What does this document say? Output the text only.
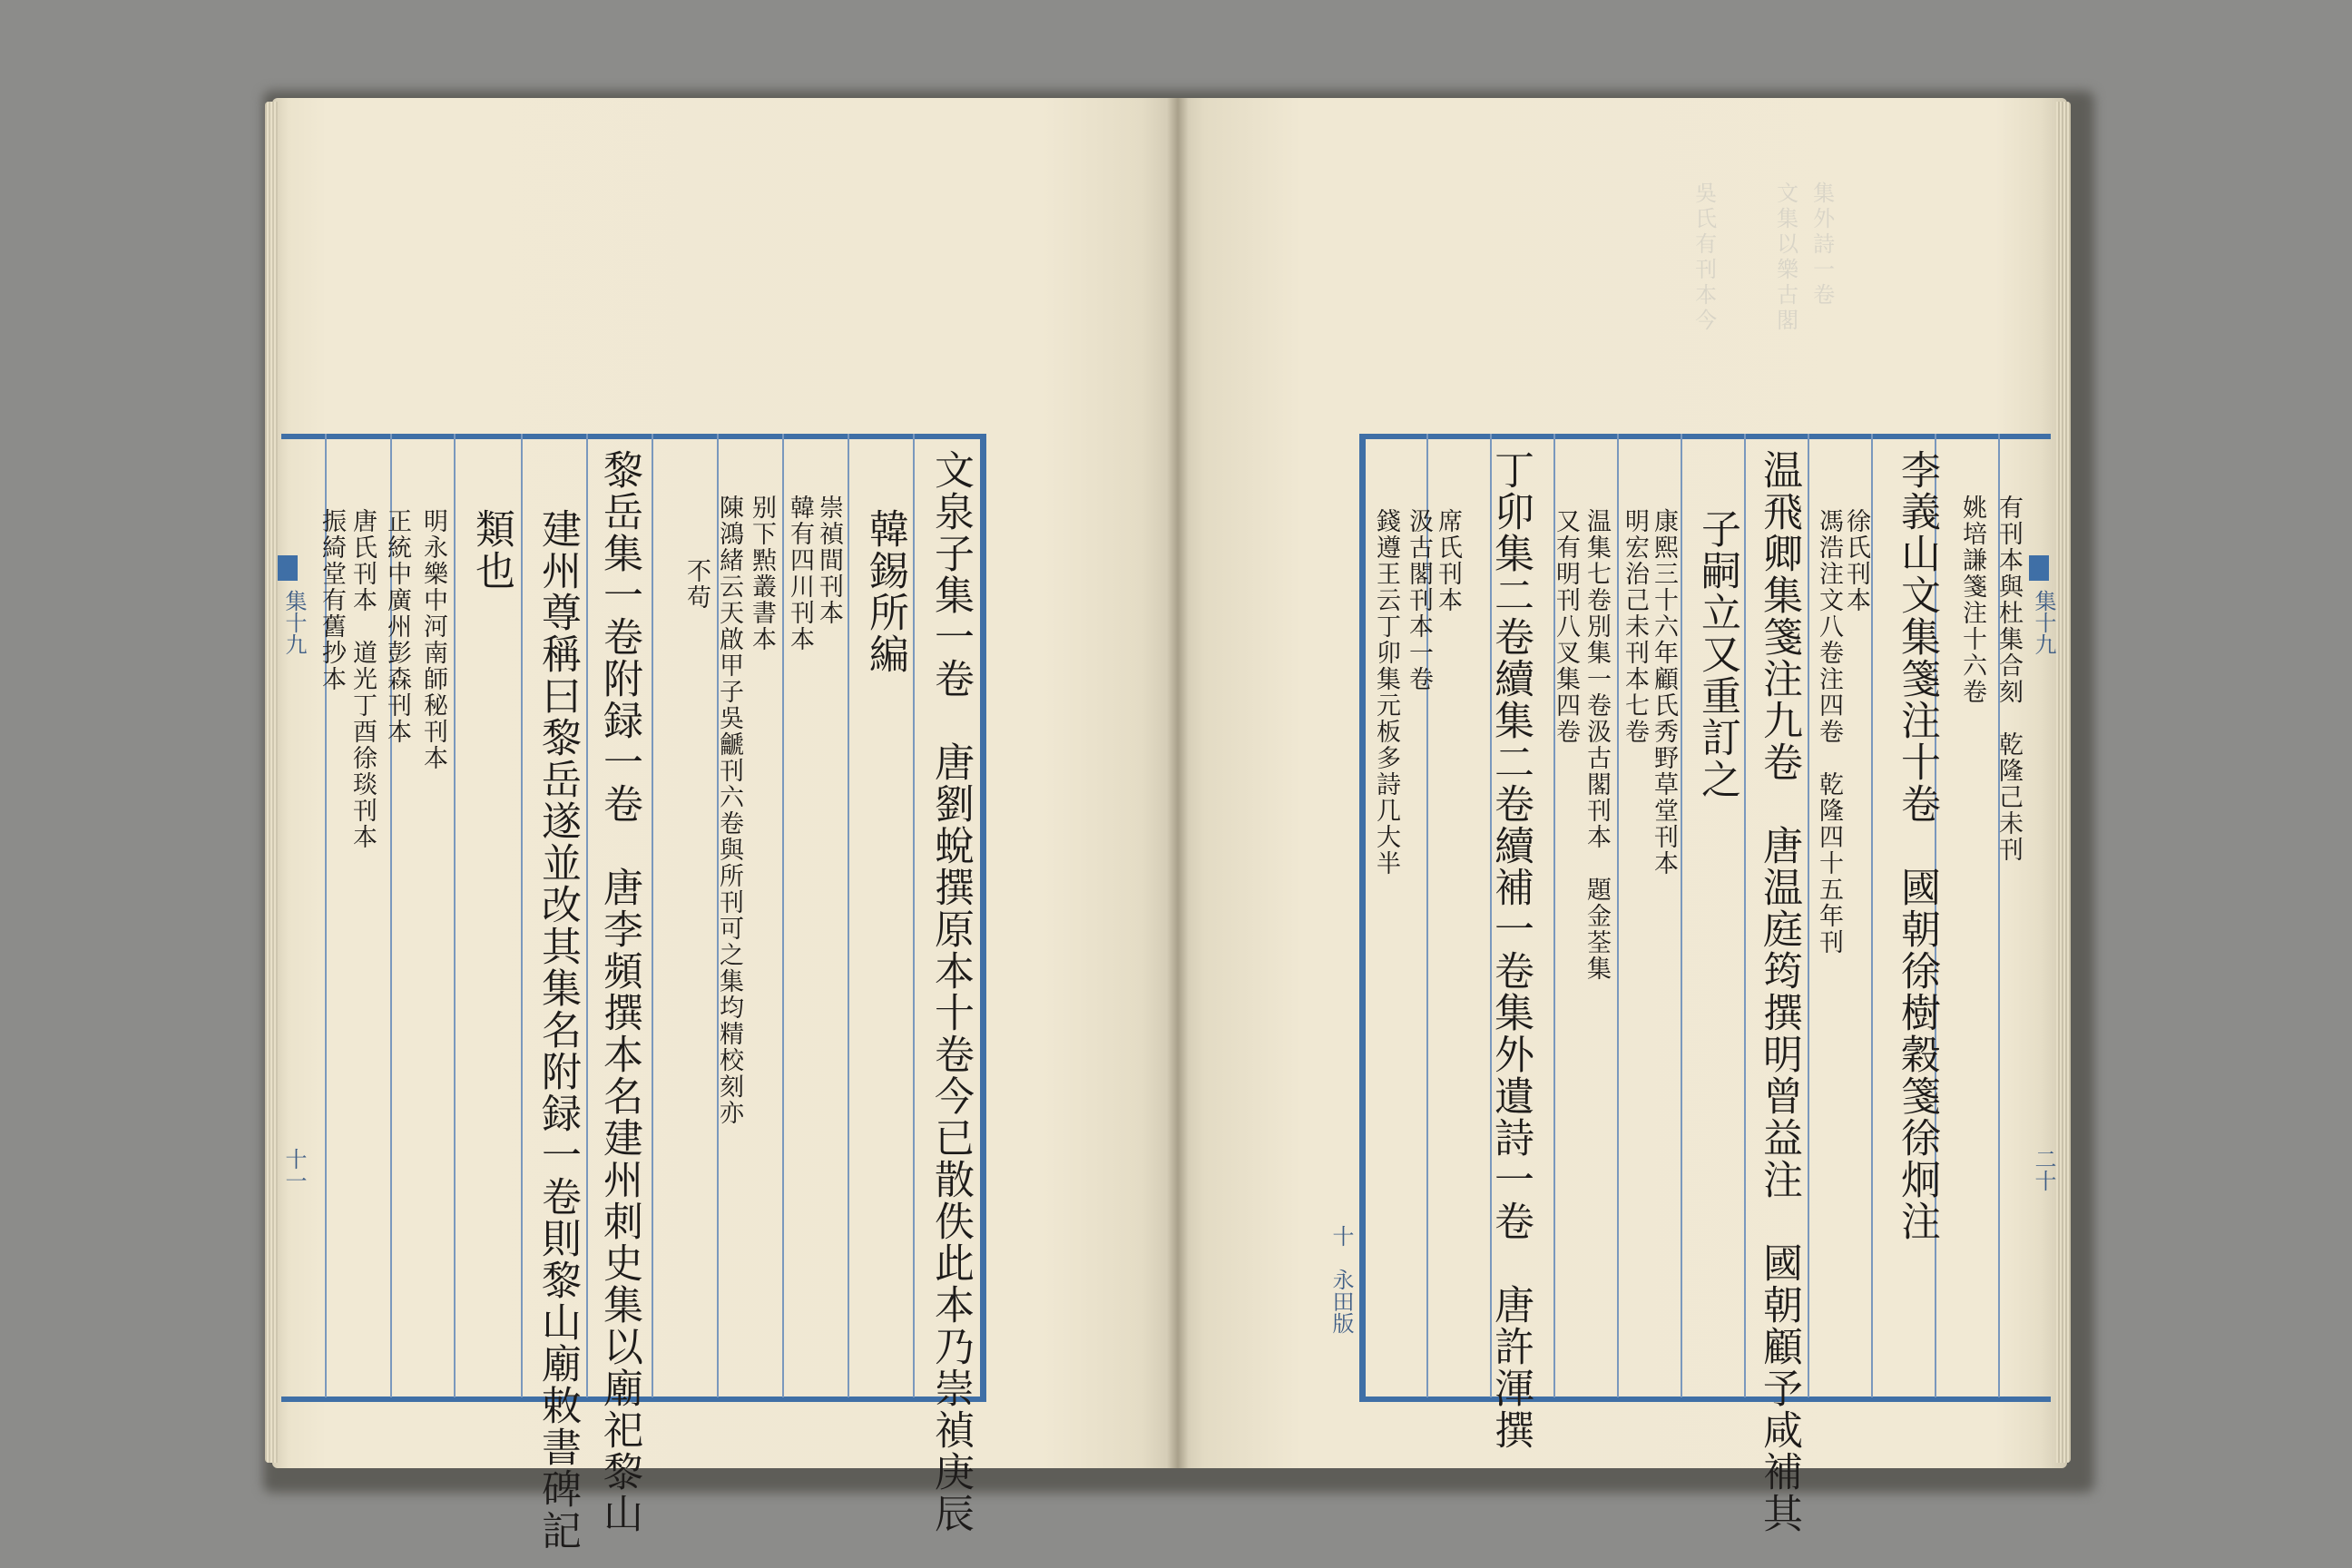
吳氏有刊本今	文集以樂古閣 集外詩一卷
集十九
十一	文泉子集一卷　唐劉蛻撰原本十卷今已散佚此本乃崇禎庚辰
韓錫所編
崇禎間刊本
韓有四川刊本
别下㸃叢書本
陳鴻緒云天啟甲子吳䶵刊六卷與所刊可之集均精校刻亦
不苟
黎岳集一卷附録一卷　唐李頻撰本名建州刺史集以廟祀黎山
建州尊稱曰黎岳遂並改其集名附録一卷則黎山廟敕書碑記
類也
明永樂中河南師秘刊本
正統中廣州彭森刊本
唐氏刊本　道光丁酉徐琰刊本
振綺堂有舊抄本	集十九
二十
十　永田版
有刊本與杜集合刻　乾隆己未刊
姚培謙箋注十六卷
李義山文集箋注十卷　國朝徐樹穀箋徐炯注
徐氏刊本
馮浩注文八卷注四卷　乾隆四十五年刊
温飛卿集箋注九卷　唐温庭筠撰明曾益注　國朝顧予咸補其
子嗣立又重訂之
康熙三十六年顧氏秀野草堂刊本
明宏治己未刊本七卷
温集七卷別集一卷汲古閣刊本　題金荃集
又有明刊八叉集四卷
丁卯集二卷續集二卷續補一卷集外遺詩一卷　唐許渾撰
席氏刊本
汲古閣刊本一卷
錢遵王云丁卯集元板多詩几大半
